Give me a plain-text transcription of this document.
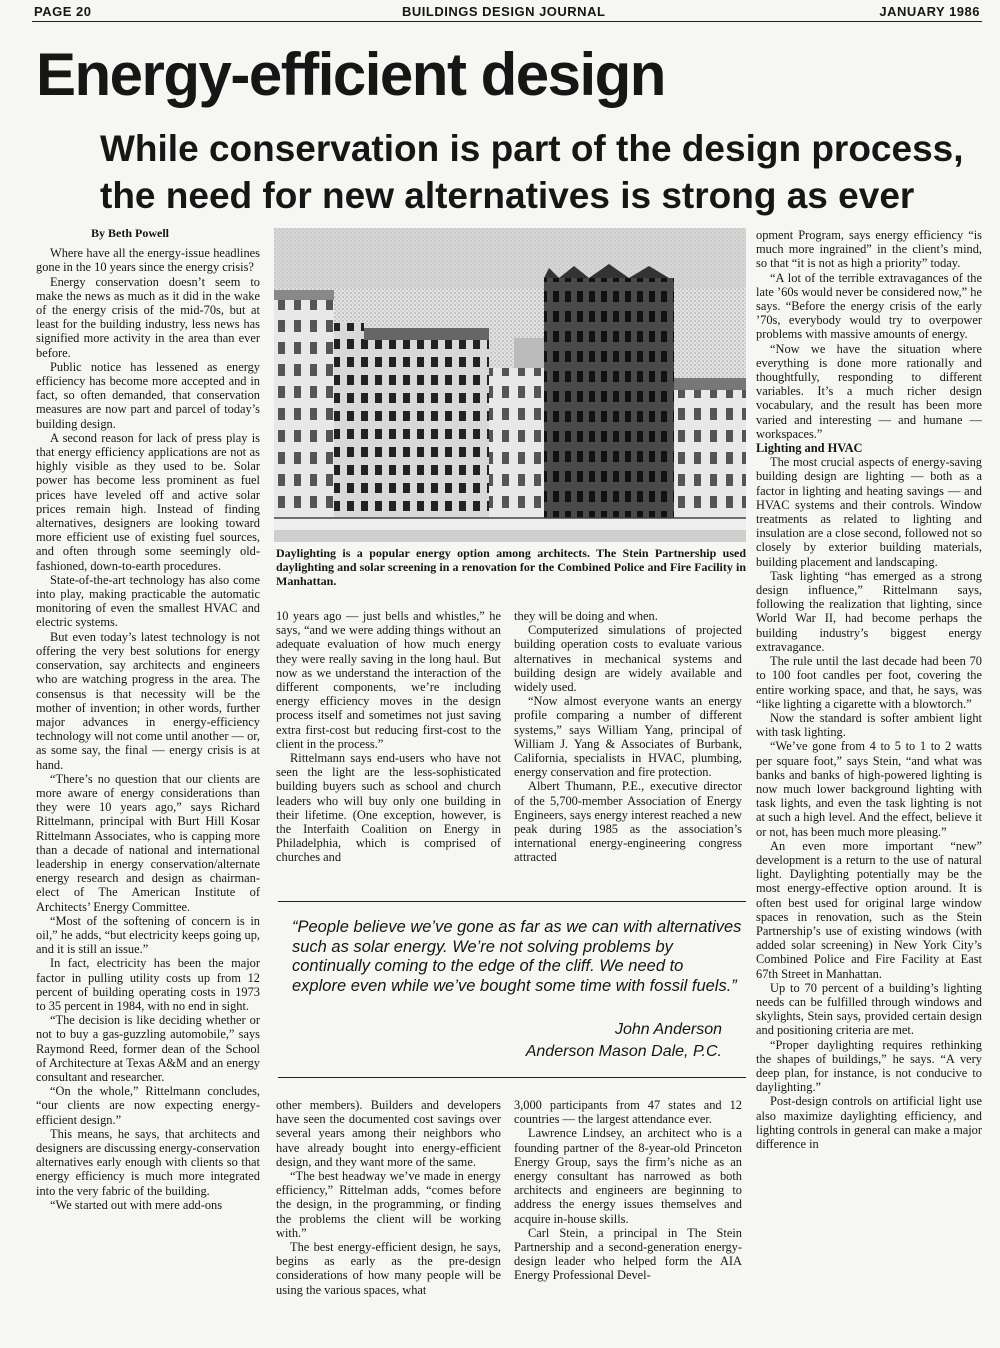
PAGE 20	BUILDINGS DESIGN JOURNAL	JANUARY 1986
Energy-efficient design
While conservation is part of the design process,
the need for new alternatives is strong as ever
By Beth Powell

Where have all the energy-issue headlines gone in the 10 years since the energy crisis?

Energy conservation doesn’t seem to make the news as much as it did in the wake of the energy crisis of the mid-70s, but at least for the building industry, less news has signified more activity in the area than ever before.

Public notice has lessened as energy efficiency has become more accepted and in fact, so often demanded, that conservation measures are now part and parcel of today’s building design.

A second reason for lack of press play is that energy efficiency applications are not as highly visible as they used to be. Solar power has become less prominent as fuel prices have leveled off and active solar prices remain high. Instead of finding alternatives, designers are looking toward more efficient use of existing fuel sources, and often through some seemingly old-fashioned, down-to-earth procedures.

State-of-the-art technology has also come into play, making practicable the automatic monitoring of even the smallest HVAC and electric systems.

But even today’s latest technology is not offering the very best solutions for energy conservation, say architects and engineers who are watching progress in the area. The consensus is that necessity will be the mother of invention; in other words, further major advances in energy-efficiency technology will not come until another — or, as some say, the final — energy crisis is at hand.

“There’s no question that our clients are more aware of energy considerations than they were 10 years ago,” says Richard Rittelmann, principal with Burt Hill Kosar Rittelmann Associates, who is capping more than a decade of national and international leadership in energy conservation/alternate energy research and design as chairman-elect of The American Institute of Architects’ Energy Committee.

“Most of the softening of concern is in oil,” he adds, “but electricity keeps going up, and it is still an issue.”

In fact, electricity has been the major factor in pulling utility costs up from 12 percent of building operating costs in 1973 to 35 percent in 1984, with no end in sight.

“The decision is like deciding whether or not to buy a gas-guzzling automobile,” says Raymond Reed, former dean of the School of Architecture at Texas A&M and an energy consultant and researcher.

“On the whole,” Rittelmann concludes, “our clients are now expecting energy-efficient design.”

This means, he says, that architects and designers are discussing energy-conservation alternatives early enough with clients so that energy efficiency is much more integrated into the very fabric of the building.

“We started out with mere add-ons

Daylighting is a popular energy option among architects. The Stein Partnership used daylighting and solar screening in a renovation for the Combined Police and Fire Facility in Manhattan.

10 years ago — just bells and whistles,” he says, “and we were adding things without an adequate evaluation of how much energy they were really saving in the long haul. But now as we understand the interaction of the different components, we’re including energy efficiency moves in the design process itself and sometimes not just saving extra first-cost but reducing first-cost to the client in the process.”

Rittelmann says end-users who have not seen the light are the less-sophisticated building buyers such as school and church leaders who will buy only one building in their lifetime. (One exception, however, is the Interfaith Coalition on Energy in Philadelphia, which is comprised of churches and

they will be doing and when.

Computerized simulations of projected building operation costs to evaluate various alternatives in mechanical systems and building design are widely available and widely used.

“Now almost everyone wants an energy profile comparing a number of different systems,” says William Yang, principal of William J. Yang & Associates of Burbank, California, specialists in HVAC, plumbing, energy conservation and fire protection.

Albert Thumann, P.E., executive director of the 5,700-member Association of Energy Engineers, says energy interest reached a new peak during 1985 as the association’s international energy-engineering congress attracted

“People believe we’ve gone as far as we can with alternatives such as solar energy. We’re not solving problems by continually coming to the edge of the cliff. We need to explore even while we’ve bought some time with fossil fuels.”

John Anderson
Anderson Mason Dale, P.C.

other members). Builders and developers have seen the documented cost savings over several years among their neighbors who have already bought into energy-efficient design, and they want more of the same.

“The best headway we’ve made in energy efficiency,” Rittelman adds, “comes before the design, in the programming, or finding the problems the client will be working with.”

The best energy-efficient design, he says, begins as early as the pre-design considerations of how many people will be using the various spaces, what

3,000 participants from 47 states and 12 countries — the largest attendance ever.

Lawrence Lindsey, an architect who is a founding partner of the 8-year-old Princeton Energy Group, says the firm’s niche as an energy consultant has narrowed as both architects and engineers are beginning to address the energy issues themselves and acquire in-house skills.

Carl Stein, a principal in The Stein Partnership and a second-generation energy-design leader who helped form the AIA Energy Professional Devel-

opment Program, says energy efficiency “is much more ingrained” in the client’s mind, so that “it is not as high a priority” today.

“A lot of the terrible extravagances of the late ’60s would never be considered now,” he says. “Before the energy crisis of the early ’70s, everybody would try to overpower problems with massive amounts of energy.

“Now we have the situation where everything is done more rationally and thoughtfully, responding to different variables. It’s a much richer design vocabulary, and the result has been more varied and interesting — and humane — workspaces.”

Lighting and HVAC

The most crucial aspects of energy-saving building design are lighting — both as a factor in lighting and heating savings — and HVAC systems and their controls. Window treatments as related to lighting and insulation are a close second, followed not so closely by exterior building materials, building placement and landscaping.

Task lighting “has emerged as a strong design influence,” Rittelmann says, following the realization that lighting, since World War II, had become perhaps the building industry’s biggest energy extravagance.

The rule until the last decade had been 70 to 100 foot candles per foot, covering the entire working space, and that, he says, was “like lighting a cigarette with a blowtorch.”

Now the standard is softer ambient light with task lighting.

“We’ve gone from 4 to 5 to 1 to 2 watts per square foot,” says Stein, “and what was banks and banks of high-powered lighting is now much lower background lighting with task lights, and even the task lighting is not at such a high level. And the effect, believe it or not, has been much more pleasing.”

An even more important “new” development is a return to the use of natural light. Daylighting potentially may be the most energy-effective option around. It is often best used for original large window spaces in renovation, such as the Stein Partnership’s use of existing windows (with added solar screening) in New York City’s Combined Police and Fire Facility at East 67th Street in Manhattan.

Up to 70 percent of a building’s lighting needs can be fulfilled through windows and skylights, Stein says, provided certain design and positioning criteria are met.

“Proper daylighting requires rethinking the shapes of buildings,” he says. “A very deep plan, for instance, is not conducive to daylighting.”

Post-design controls on artificial light use also maximize daylighting efficiency, and lighting controls in general can make a major difference in
